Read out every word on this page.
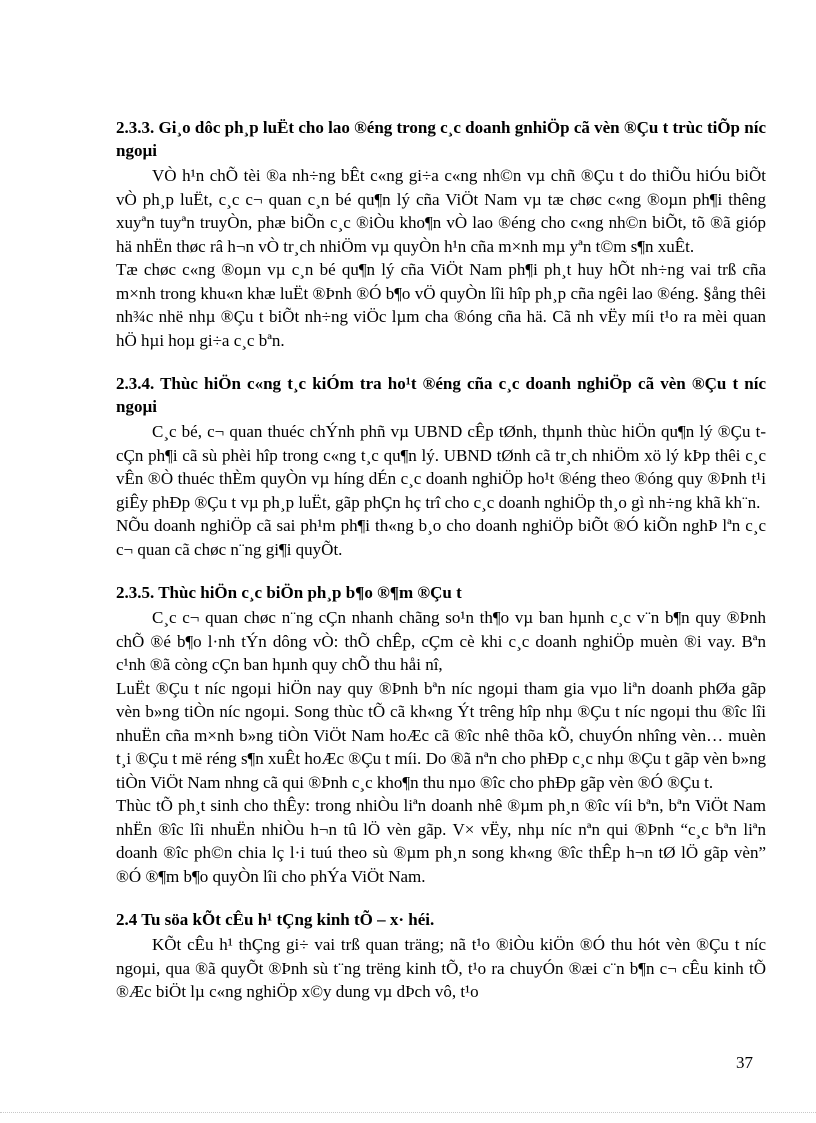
2.3.3. Gi¸o dôc ph¸p luËt cho lao ®éng trong c¸c doanh gnhiÖp cã vèn ®Çu t trùc tiÕp níc ngoµi

VÒ h¹n chÕ tèi ®a nh÷ng bÊt c«ng gi÷a c«ng nh©n vµ chñ ®Çu t do thiÕu hiÓu biÕt vÒ ph¸p luËt, c¸c c¬ quan c¸n bé qu¶n lý cña ViÖt Nam vµ tæ chøc c«ng ®oµn ph¶i thêng xuyªn tuyªn truyÒn, phæ biÕn c¸c ®iÒu kho¶n vÒ lao ®éng cho c«ng nh©n biÕt, tõ ®ã gióp hä nhËn thøc râ h¬n vÒ tr¸ch nhiÖm vµ quyÒn h¹n cña m×nh mµ yªn t©m s¶n xuÊt.

Tæ chøc c«ng ®oµn vµ c¸n bé qu¶n lý cña ViÖt Nam ph¶i ph¸t huy hÕt nh÷ng vai trß cña m×nh trong khu«n khæ luËt ®Þnh ®Ó b¶o vÖ quyÒn lîi hîp ph¸p cña ngêi lao ®éng. §ång thêi nh¾c nhë nhµ ®Çu t biÕt nh÷ng viÖc lµm cha ®óng cña hä. Cã nh vËy míi t¹o ra mèi quan hÖ hµi hoµ gi÷a c¸c bªn.

2.3.4. Thùc hiÖn c«ng t¸c kiÓm tra ho¹t ®éng cña c¸c doanh nghiÖp cã vèn ®Çu t níc ngoµi

C¸c bé, c¬ quan thuéc chÝnh phñ vµ UBND cÊp tØnh, thµnh thùc hiÖn qu¶n lý ®Çu t cÇn ph¶i cã sù phèi hîp trong c«ng t¸c qu¶n lý. UBND tØnh cã tr¸ch nhiÖm xö lý kÞp thêi c¸c vÊn ®Ò thuéc thÈm quyÒn vµ híng dÉn c¸c doanh nghiÖp ho¹t ®éng theo ®óng quy ®Þnh t¹i giÊy phÐp ®Çu t vµ ph¸p luËt, gãp phÇn hç trî cho c¸c doanh nghiÖp th¸o gì nh÷ng khã kh¨n.

NÕu doanh nghiÖp cã sai ph¹m ph¶i th«ng b¸o cho doanh nghiÖp biÕt ®Ó kiÕn nghÞ lªn c¸c c¬ quan cã chøc n¨ng gi¶i quyÕt.

2.3.5. Thùc hiÖn c¸c biÖn ph¸p b¶o ®¶m ®Çu t

C¸c c¬ quan chøc n¨ng cÇn nhanh chãng so¹n th¶o vµ ban hµnh c¸c v¨n b¶n quy ®Þnh chÕ ®é b¶o l·nh tÝn dông vÒ: thÕ chÊp, cÇm cè khi c¸c doanh nghiÖp muèn ®i vay. Bªn c¹nh ®ã còng cÇn ban hµnh quy chÕ thu håi nî,

LuËt ®Çu t níc ngoµi hiÖn nay quy ®Þnh bªn níc ngoµi tham gia vµo liªn doanh phØa gãp vèn b»ng tiÒn níc ngoµi. Song thùc tÕ cã kh«ng Ýt trêng hîp nhµ ®Çu t níc ngoµi thu ®îc lîi nhuËn cña m×nh b»ng tiÒn ViÖt Nam hoÆc cã ®îc nhê thõa kÕ, chuyÓn nhîng vèn… muèn t¸i ®Çu t më réng s¶n xuÊt hoÆc ®Çu t míi. Do ®ã nªn cho phÐp c¸c nhµ ®Çu t gãp vèn b»ng tiÒn ViÖt Nam nhng cã qui ®Þnh c¸c kho¶n thu nµo ®îc cho phÐp gãp vèn ®Ó ®Çu t.

Thùc tÕ ph¸t sinh cho thÊy: trong nhiÒu liªn doanh nhê ®µm ph¸n ®îc víi bªn, bªn ViÖt Nam nhËn ®îc lîi nhuËn nhiÒu h¬n tû lÖ vèn gãp. V× vËy, nhµ níc nªn qui ®Þnh “c¸c bªn liªn doanh ®îc ph©n chia lç l·i tuú theo sù ®µm ph¸n song kh«ng ®îc thÊp h¬n tØ lÖ gãp vèn” ®Ó ®¶m b¶o quyÒn lîi cho phÝa ViÖt Nam.

2.4 Tu söa kÕt cÊu h¹ tÇng kinh tÕ – x· héi.

KÕt cÊu h¹ thÇng gi÷ vai trß quan träng; nã t¹o ®iÒu kiÖn ®Ó thu hót vèn ®Çu t níc ngoµi, qua ®ã quyÕt ®Þnh sù t¨ng trëng kinh tÕ, t¹o ra chuyÓn ®æi c¨n b¶n c¬ cÊu kinh tÕ ®Æc biÖt lµ c«ng nghiÖp x©y dung vµ dÞch vô, t¹o

37
